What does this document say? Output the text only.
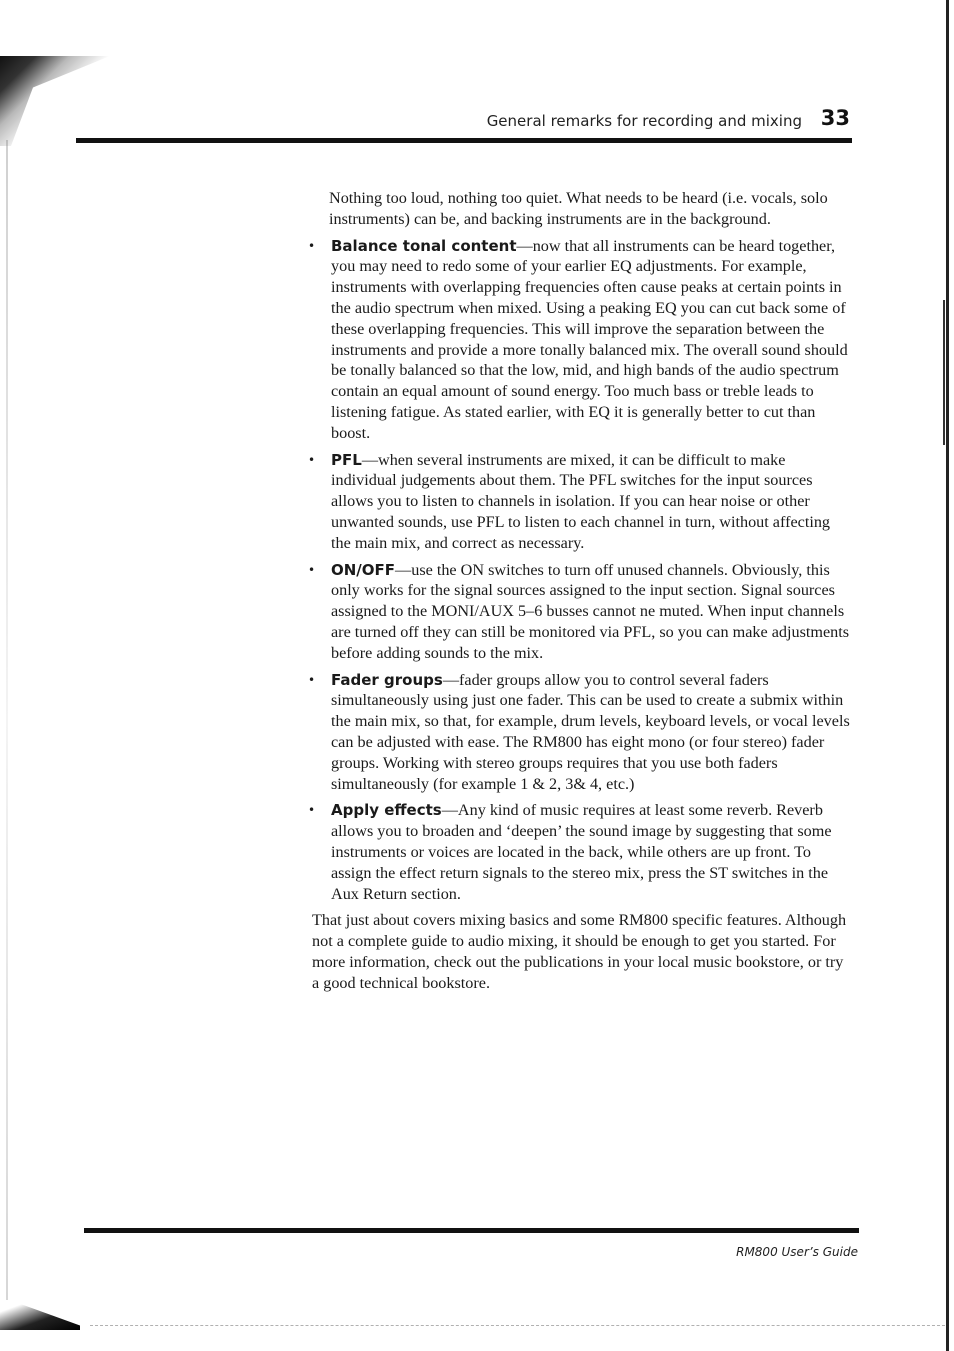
General remarks for recording and mixing 33

Nothing too loud, nothing too quiet. What needs to be heard (i.e. vocals, solo instruments) can be, and backing instruments are in the background.

• Balance tonal content—now that all instruments can be heard together, you may need to redo some of your earlier EQ adjustments. For example, instruments with overlapping frequencies often cause peaks at certain points in the audio spectrum when mixed. Using a peaking EQ you can cut back some of these overlapping frequencies. This will improve the separation between the instruments and provide a more tonally balanced mix. The overall sound should be tonally balanced so that the low, mid, and high bands of the audio spectrum contain an equal amount of sound energy. Too much bass or treble leads to listening fatigue. As stated earlier, with EQ it is generally better to cut than boost.
• PFL—when several instruments are mixed, it can be difficult to make individual judgements about them. The PFL switches for the input sources allows you to listen to channels in isolation. If you can hear noise or other unwanted sounds, use PFL to listen to each channel in turn, without affecting the main mix, and correct as necessary.
• ON/OFF—use the ON switches to turn off unused channels. Obviously, this only works for the signal sources assigned to the input section. Signal sources assigned to the MONI/AUX 5–6 busses cannot ne muted. When input channels are turned off they can still be monitored via PFL, so you can make adjustments before adding sounds to the mix.
• Fader groups—fader groups allow you to control several faders simultaneously using just one fader. This can be used to create a submix within the main mix, so that, for example, drum levels, keyboard levels, or vocal levels can be adjusted with ease. The RM800 has eight mono (or four stereo) fader groups. Working with stereo groups requires that you use both faders simultaneously (for example 1 & 2, 3& 4, etc.)
• Apply effects—Any kind of music requires at least some reverb. Reverb allows you to broaden and ‘deepen’ the sound image by suggesting that some instruments or voices are located in the back, while others are up front. To assign the effect return signals to the stereo mix, press the ST switches in the Aux Return section.

That just about covers mixing basics and some RM800 specific features. Although not a complete guide to audio mixing, it should be enough to get you started. For more information, check out the publications in your local music bookstore, or try a good technical bookstore.

RM800 User’s Guide
